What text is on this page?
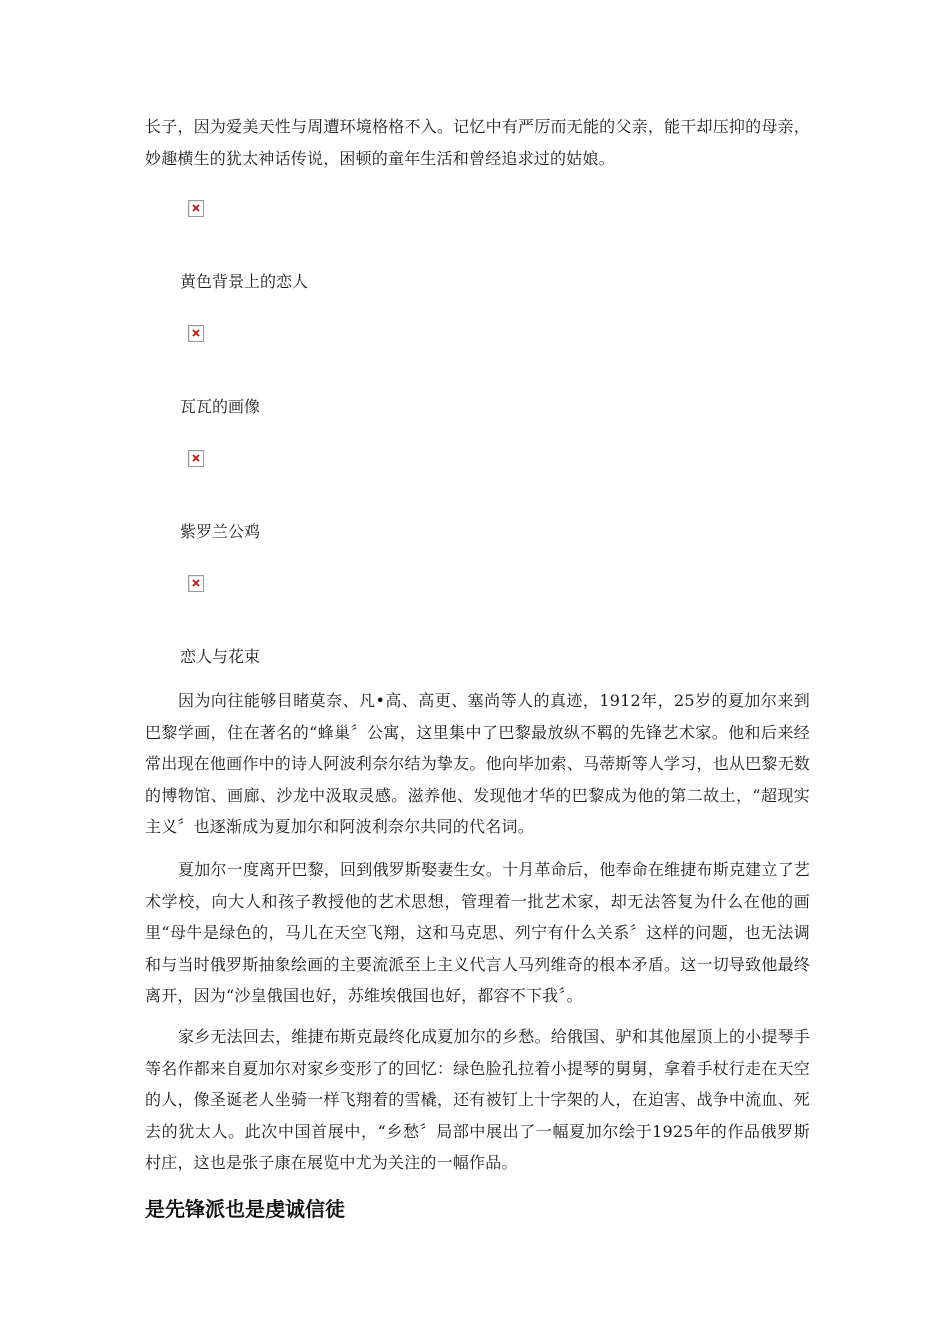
长子，因为爱美天性与周遭环境格格不入。记忆中有严厉而无能的父亲，能干却压抑的母亲，妙趣横生的犹太神话传说，困顿的童年生活和曾经追求过的姑娘。

黄色背景上的恋人

瓦瓦的画像

紫罗兰公鸡

恋人与花束

因为向往能够目睹莫奈、凡•高、高更、塞尚等人的真迹，1912年，25岁的夏加尔来到巴黎学画，住在著名的“蜂巢〞公寓，这里集中了巴黎最放纵不羁的先锋艺术家。他和后来经常出现在他画作中的诗人阿波利奈尔结为挚友。他向毕加索、马蒂斯等人学习，也从巴黎无数的博物馆、画廊、沙龙中汲取灵感。滋养他、发现他才华的巴黎成为他的第二故土，“超现实主义〞也逐渐成为夏加尔和阿波利奈尔共同的代名词。

夏加尔一度离开巴黎，回到俄罗斯娶妻生女。十月革命后，他奉命在维捷布斯克建立了艺术学校，向大人和孩子教授他的艺术思想，管理着一批艺术家，却无法答复为什么在他的画里“母牛是绿色的，马儿在天空飞翔，这和马克思、列宁有什么关系〞这样的问题，也无法调和与当时俄罗斯抽象绘画的主要流派至上主义代言人马列维奇的根本矛盾。这一切导致他最终离开，因为“沙皇俄国也好，苏维埃俄国也好，都容不下我〞。

家乡无法回去，维捷布斯克最终化成夏加尔的乡愁。给俄国、驴和其他屋顶上的小提琴手等名作都来自夏加尔对家乡变形了的回忆：绿色脸孔拉着小提琴的舅舅，拿着手杖行走在天空的人，像圣诞老人坐骑一样飞翔着的雪橇，还有被钉上十字架的人，在迫害、战争中流血、死去的犹太人。此次中国首展中，“乡愁〞局部中展出了一幅夏加尔绘于1925年的作品俄罗斯村庄，这也是张子康在展览中尤为关注的一幅作品。

是先锋派也是虔诚信徒
